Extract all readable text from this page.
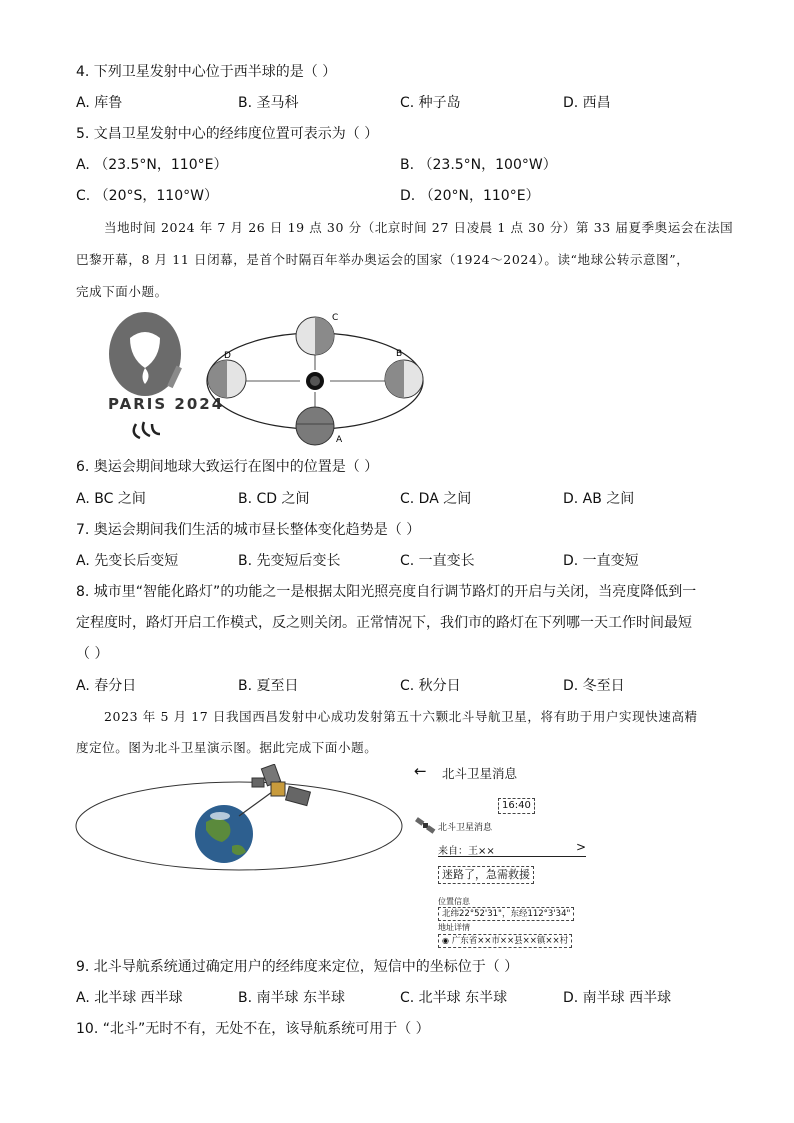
4. 下列卫星发射中心位于西半球的是（ ）
A. 库鲁	B. 圣马科	C. 种子岛	D. 西昌
5. 文昌卫星发射中心的经纬度位置可表示为（ ）
A. （23.5°N，110°E）	B. （23.5°N，100°W）
C. （20°S，110°W）	D. （20°N，110°E）
当地时间 2024 年 7 月 26 日 19 点 30 分（北京时间 27 日凌晨 1 点 30 分）第 33 届夏季奥运会在法国
巴黎开幕，8 月 11 日闭幕，是首个时隔百年举办奥运会的国家（1924～2024）。读“地球公转示意图”，
完成下面小题。
PARIS 2024
C
A
D	B
6. 奥运会期间地球大致运行在图中的位置是（ ）
A. BC 之间	B. CD 之间	C. DA 之间	D. AB 之间
7. 奥运会期间我们生活的城市昼长整体变化趋势是（ ）
A. 先变长后变短	B. 先变短后变长	C. 一直变长	D. 一直变短
8. 城市里“智能化路灯”的功能之一是根据太阳光照亮度自行调节路灯的开启与关闭，当亮度降低到一
定程度时，路灯开启工作模式，反之则关闭。正常情况下，我们市的路灯在下列哪一天工作时间最短
（ ）
A. 春分日	B. 夏至日	C. 秋分日	D. 冬至日
2023 年 5 月 17 日我国西昌发射中心成功发射第五十六颗北斗导航卫星，将有助于用户实现快速高精
度定位。图为北斗卫星演示图。据此完成下面小题。
← 北斗卫星消息
16:40
北斗卫星消息
来自：王××	>
迷路了，急需救援
位置信息
北纬22°52'31"，东经112°3'34"
地址详情
◉ 广东省××市××县××镇××村
9. 北斗导航系统通过确定用户的经纬度来定位，短信中的坐标位于（ ）
A. 北半球 西半球	B. 南半球 东半球	C. 北半球 东半球	D. 南半球 西半球
10. “北斗”无时不有，无处不在，该导航系统可用于（ ）
